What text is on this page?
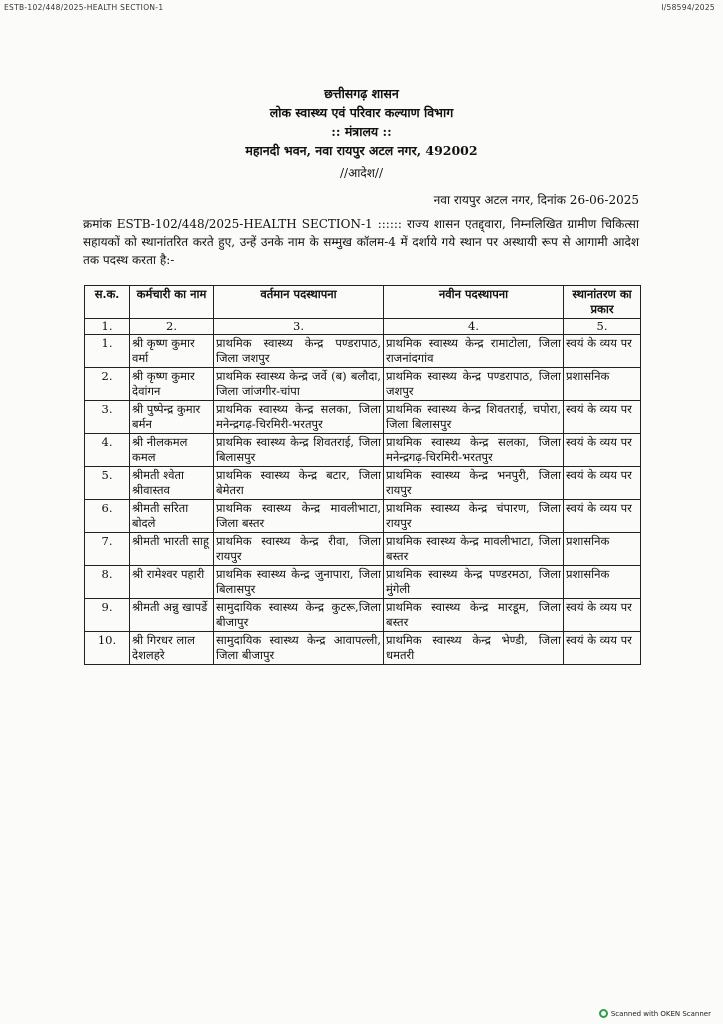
ESTB-102/448/2025-HEALTH SECTION-1	I/58594/2025
छत्तीसगढ़ शासन
लोक स्वास्थ्य एवं परिवार कल्याण विभाग
:: मंत्रालय ::
महानदी भवन, नवा रायपुर अटल नगर, 492002
//आदेश//
नवा रायपुर अटल नगर, दिनांक 26-06-2025
क्रमांक ESTB-102/448/2025-HEALTH SECTION-1 :::::: राज्य शासन एतद्द्वारा, निम्नलिखित ग्रामीण चिकित्सा सहायकों को स्थानांतरित करते हुए, उन्हें उनके नाम के सम्मुख कॉलम-4 में दर्शाये गये स्थान पर अस्थायी रूप से आगामी आदेश तक पदस्थ करता है:-
स.क.	कर्मचारी का नाम	वर्तमान पदस्थापना	नवीन पदस्थापना	स्थानांतरण का प्रकार
1.	2.	3.	4.	5.
1.	श्री कृष्ण कुमार वर्मा	प्राथमिक स्वास्थ्य केन्द्र पण्डरापाठ, जिला जशपुर	प्राथमिक स्वास्थ्य केन्द्र रामाटोला, जिला राजनांदगांव	स्वयं के व्यय पर
2.	श्री कृष्ण कुमार देवांगन	प्राथमिक स्वास्थ्य केन्द्र जर्वे (ब) बलौदा, जिला जांजगीर-चांपा	प्राथमिक स्वास्थ्य केन्द्र पण्डरापाठ, जिला जशपुर	प्रशासनिक
3.	श्री पुष्पेन्द्र कुमार बर्मन	प्राथमिक स्वास्थ्य केन्द्र सलका, जिला मनेन्द्रगढ़-चिरमिरी-भरतपुर	प्राथमिक स्वास्थ्य केन्द्र शिवतराई, चपोरा, जिला बिलासपुर	स्वयं के व्यय पर
4.	श्री नीलकमल कमल	प्राथमिक स्वास्थ्य केन्द्र शिवतराई, जिला बिलासपुर	प्राथमिक स्वास्थ्य केन्द्र सलका, जिला मनेन्द्रगढ़-चिरमिरी-भरतपुर	स्वयं के व्यय पर
5.	श्रीमती श्वेता श्रीवास्तव	प्राथमिक स्वास्थ्य केन्द्र बटार, जिला बेमेतरा	प्राथमिक स्वास्थ्य केन्द्र भनपुरी, जिला रायपुर	स्वयं के व्यय पर
6.	श्रीमती सरिता बोदले	प्राथमिक स्वास्थ्य केन्द्र मावलीभाटा, जिला बस्तर	प्राथमिक स्वास्थ्य केन्द्र चंपारण, जिला रायपुर	स्वयं के व्यय पर
7.	श्रीमती भारती साहू	प्राथमिक स्वास्थ्य केन्द्र रीवा, जिला रायपुर	प्राथमिक स्वास्थ्य केन्द्र मावलीभाटा, जिला बस्तर	प्रशासनिक
8.	श्री रामेश्वर पहारी	प्राथमिक स्वास्थ्य केन्द्र जुनापारा, जिला बिलासपुर	प्राथमिक स्वास्थ्य केन्द्र पण्डरमठा, जिला मुंगेली	प्रशासनिक
9.	श्रीमती अन्नु खापर्डे	सामुदायिक स्वास्थ्य केन्द्र कुटरू,जिला बीजापुर	प्राथमिक स्वास्थ्य केन्द्र मारडूम, जिला बस्तर	स्वयं के व्यय पर
10.	श्री गिरधर लाल देशलहरे	सामुदायिक स्वास्थ्य केन्द्र आवापल्ली, जिला बीजापुर	प्राथमिक स्वास्थ्य केन्द्र भेण्डी, जिला धमतरी	स्वयं के व्यय पर
Scanned with OKEN Scanner
